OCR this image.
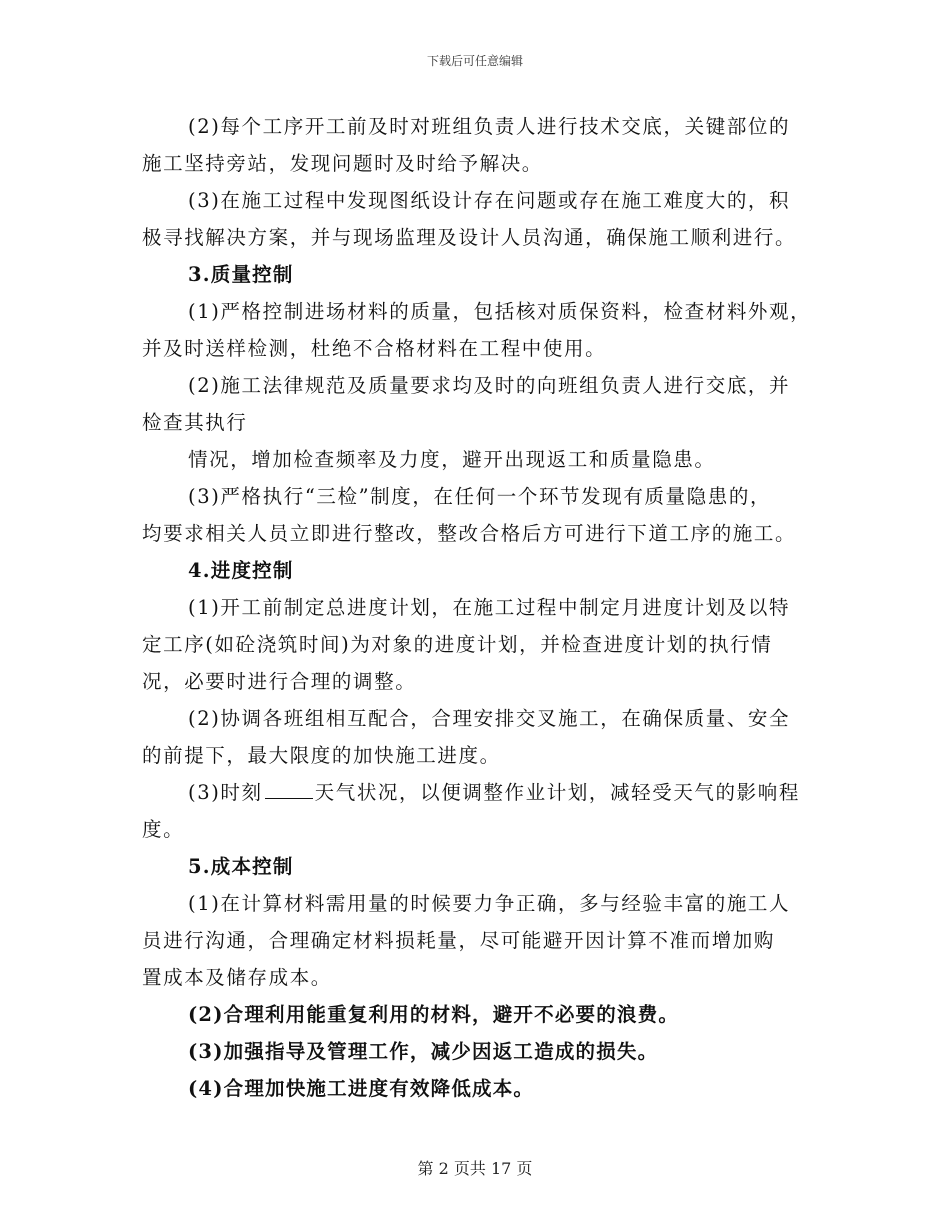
下载后可任意编辑
(2)每个工序开工前及时对班组负责人进行技术交底，关键部位的
施工坚持旁站，发现问题时及时给予解决。
(3)在施工过程中发现图纸设计存在问题或存在施工难度大的，积
极寻找解决方案，并与现场监理及设计人员沟通，确保施工顺利进行。
3.质量控制
(1)严格控制进场材料的质量，包括核对质保资料，检查材料外观，
并及时送样检测，杜绝不合格材料在工程中使用。
(2)施工法律规范及质量要求均及时的向班组负责人进行交底，并
检查其执行
情况，增加检查频率及力度，避开出现返工和质量隐患。
(3)严格执行“三检”制度，在任何一个环节发现有质量隐患的，
均要求相关人员立即进行整改，整改合格后方可进行下道工序的施工。
4.进度控制
(1)开工前制定总进度计划，在施工过程中制定月进度计划及以特
定工序(如砼浇筑时间)为对象的进度计划，并检查进度计划的执行情
况，必要时进行合理的调整。
(2)协调各班组相互配合，合理安排交叉施工，在确保质量、安全
的前提下，最大限度的加快施工进度。
(3)时刻	天气状况，以便调整作业计划，减轻受天气的影响程
度。
5.成本控制
(1)在计算材料需用量的时候要力争正确，多与经验丰富的施工人
员进行沟通，合理确定材料损耗量，尽可能避开因计算不准而增加购
置成本及储存成本。
(2)合理利用能重复利用的材料，避开不必要的浪费。
(3)加强指导及管理工作，减少因返工造成的损失。
(4)合理加快施工进度有效降低成本。
第 2 页共 17 页
